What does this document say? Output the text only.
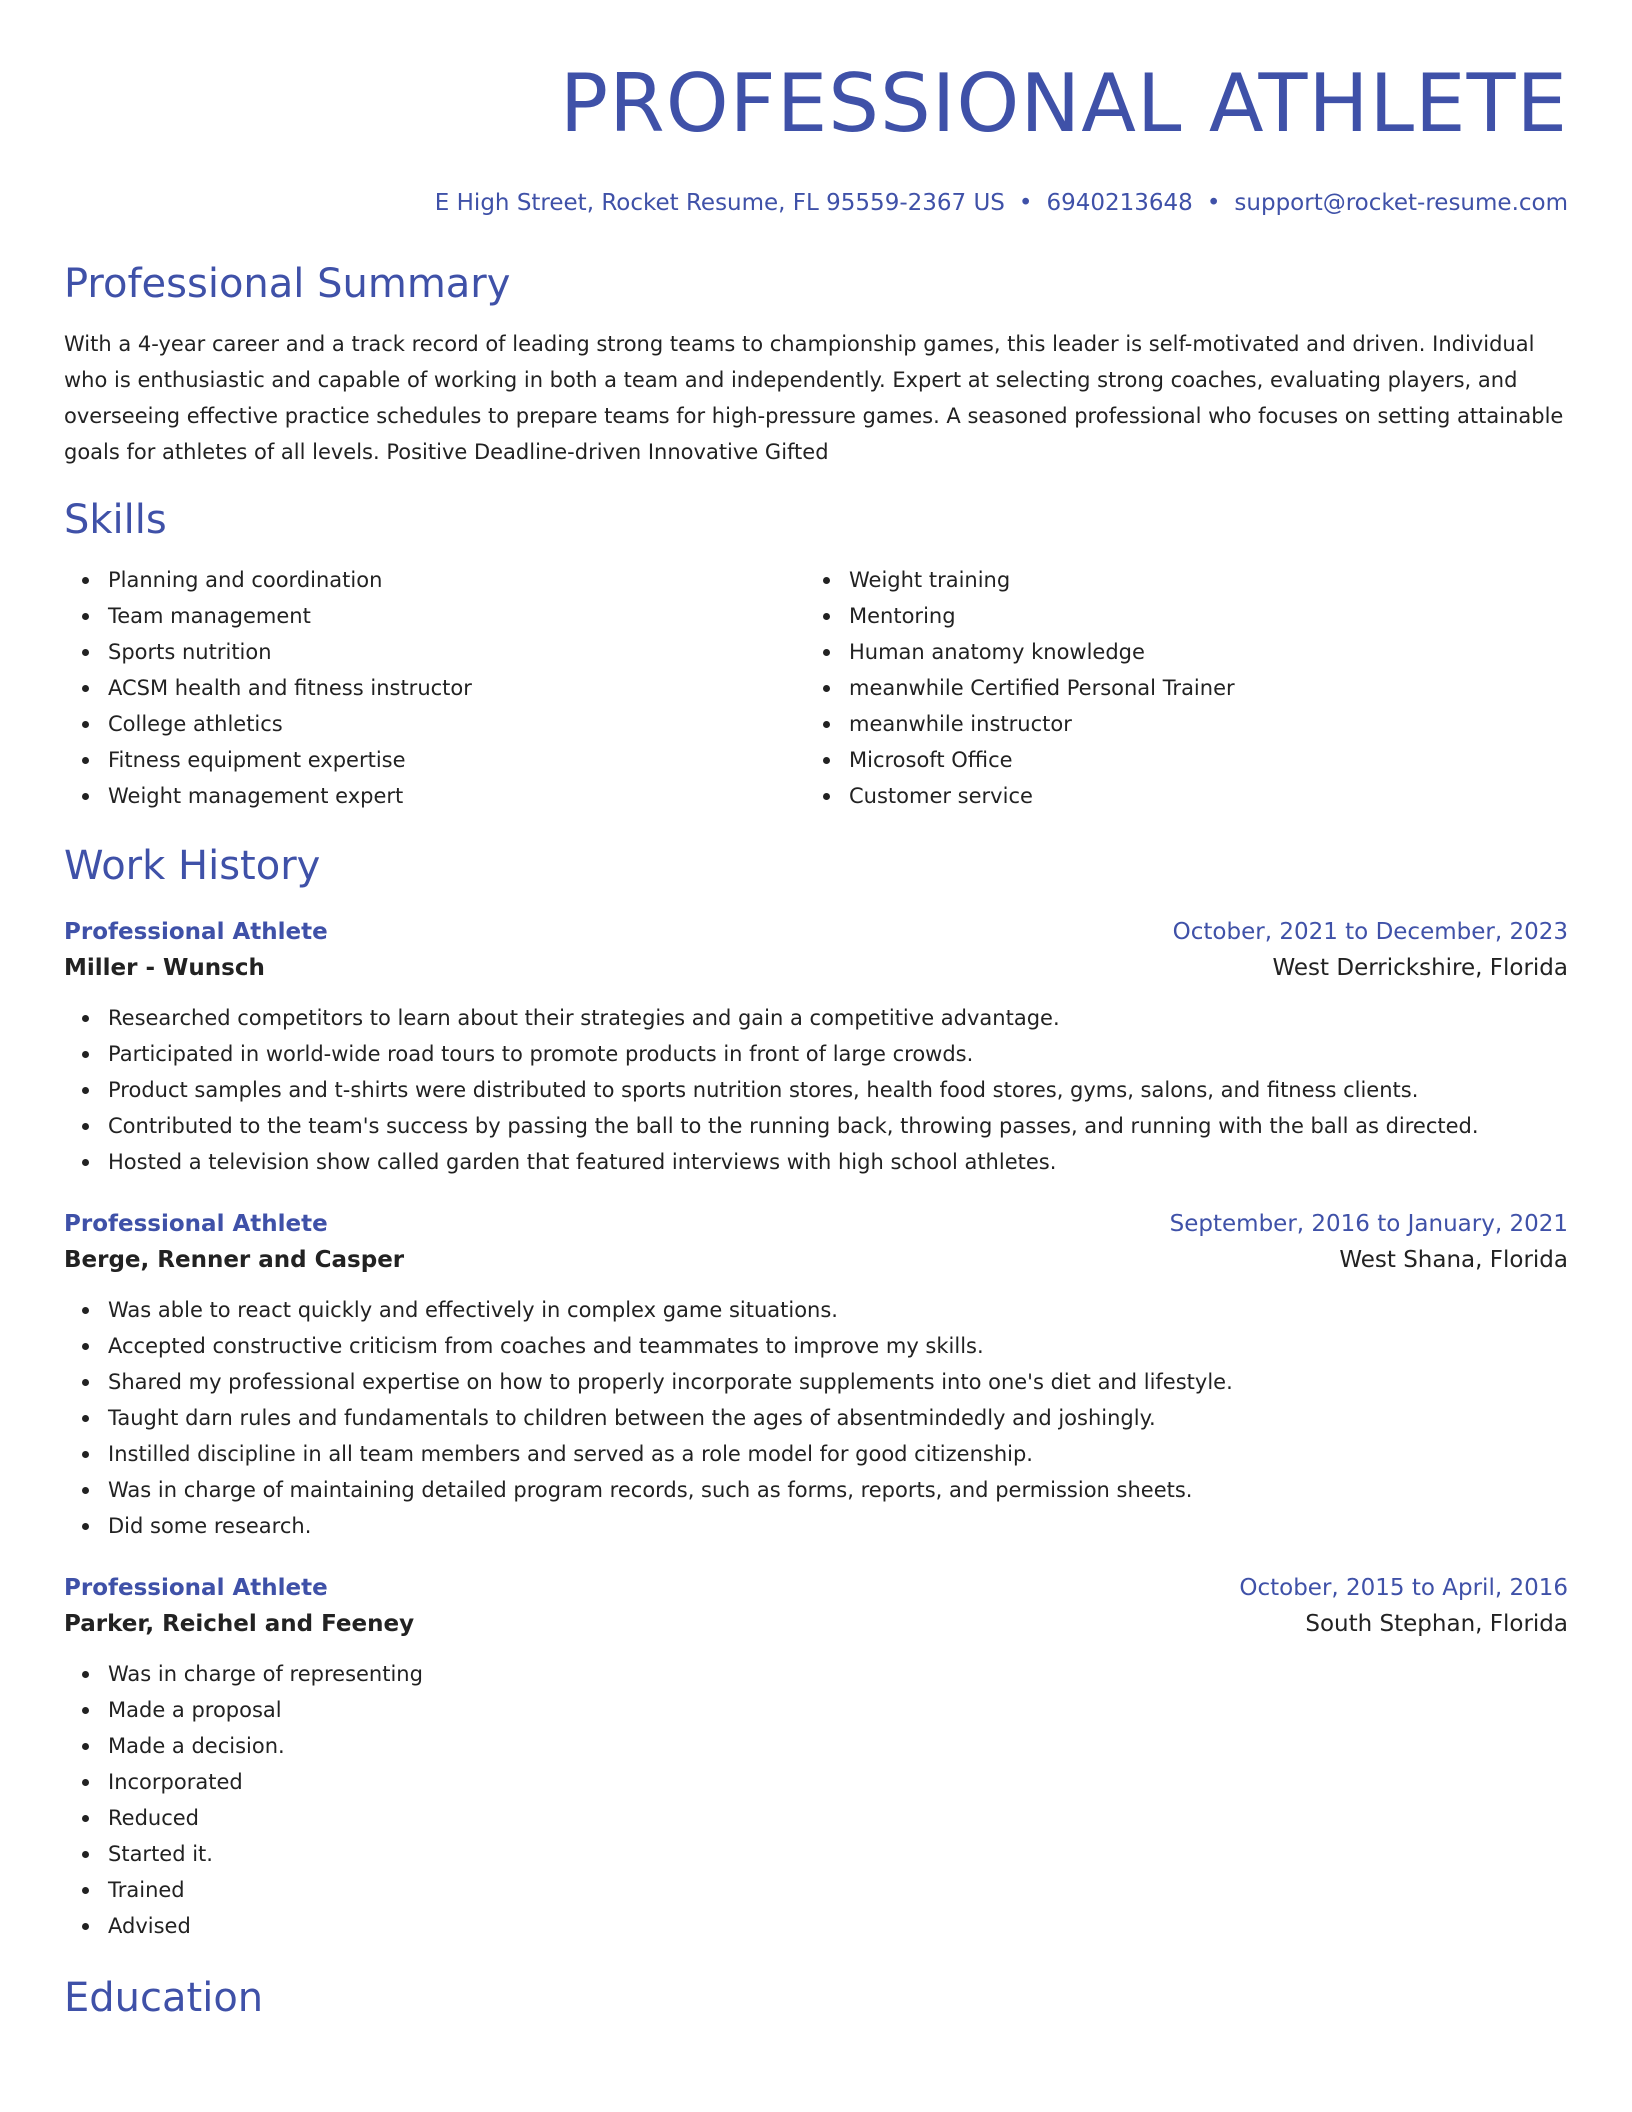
PROFESSIONAL ATHLETE
E High Street, Rocket Resume, FL 95559-2367 US • 6940213648 • support@rocket-resume.com
Professional Summary

With a 4-year career and a track record of leading strong teams to championship games, this leader is self-motivated and driven. Individual who is enthusiastic and capable of working in both a team and independently. Expert at selecting strong coaches, evaluating players, and overseeing effective practice schedules to prepare teams for high-pressure games. A seasoned professional who focuses on setting attainable goals for athletes of all levels. Positive Deadline-driven Innovative Gifted

Skills
Planning and coordination
Team management
Sports nutrition
ACSM health and fitness instructor
College athletics
Fitness equipment expertise
Weight management expert
Weight training
Mentoring
Human anatomy knowledge
meanwhile Certified Personal Trainer
meanwhile instructor
Microsoft Office
Customer service
Work History
Professional Athlete	October, 2021 to December, 2023
Miller - Wunsch	West Derrickshire, Florida
Researched competitors to learn about their strategies and gain a competitive advantage.
Participated in world-wide road tours to promote products in front of large crowds.
Product samples and t-shirts were distributed to sports nutrition stores, health food stores, gyms, salons, and fitness clients.
Contributed to the team's success by passing the ball to the running back, throwing passes, and running with the ball as directed.
Hosted a television show called garden that featured interviews with high school athletes.
Professional Athlete	September, 2016 to January, 2021
Berge, Renner and Casper	West Shana, Florida
Was able to react quickly and effectively in complex game situations.
Accepted constructive criticism from coaches and teammates to improve my skills.
Shared my professional expertise on how to properly incorporate supplements into one's diet and lifestyle.
Taught darn rules and fundamentals to children between the ages of absentmindedly and joshingly.
Instilled discipline in all team members and served as a role model for good citizenship.
Was in charge of maintaining detailed program records, such as forms, reports, and permission sheets.
Did some research.
Professional Athlete	October, 2015 to April, 2016
Parker, Reichel and Feeney	South Stephan, Florida
Was in charge of representing
Made a proposal
Made a decision.
Incorporated
Reduced
Started it.
Trained
Advised
Education
